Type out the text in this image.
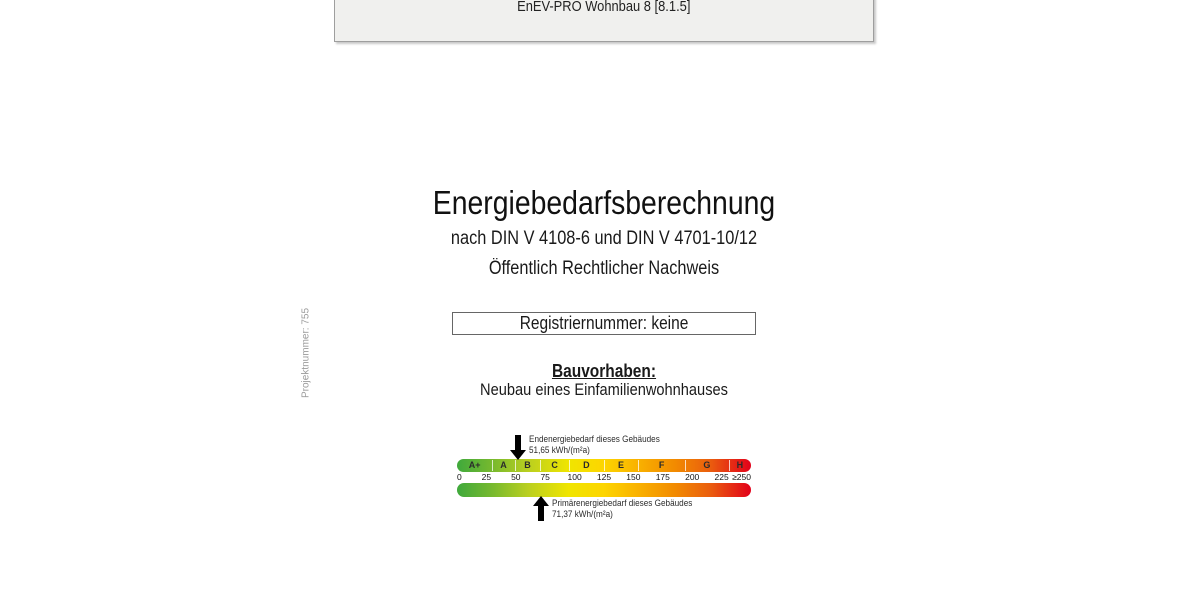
EnEV-PRO Wohnbau 8 [8.1.5]
Projektnummer: 755
Energiebedarfsberechnung
nach DIN V 4108-6 und DIN V 4701-10/12
Öffentlich Rechtlicher Nachweis
Registriernummer: keine
Bauvorhaben:
Neubau eines Einfamilienwohnhauses
A+ A B C	D	E	F	G	H
0 25 50 75 100 125 150 175 200 225 ≥250
Endenergiebedarf dieses Gebäudes
51,65 kWh/(m²a)
Primärenergiebedarf dieses Gebäudes
71,37 kWh/(m²a)
